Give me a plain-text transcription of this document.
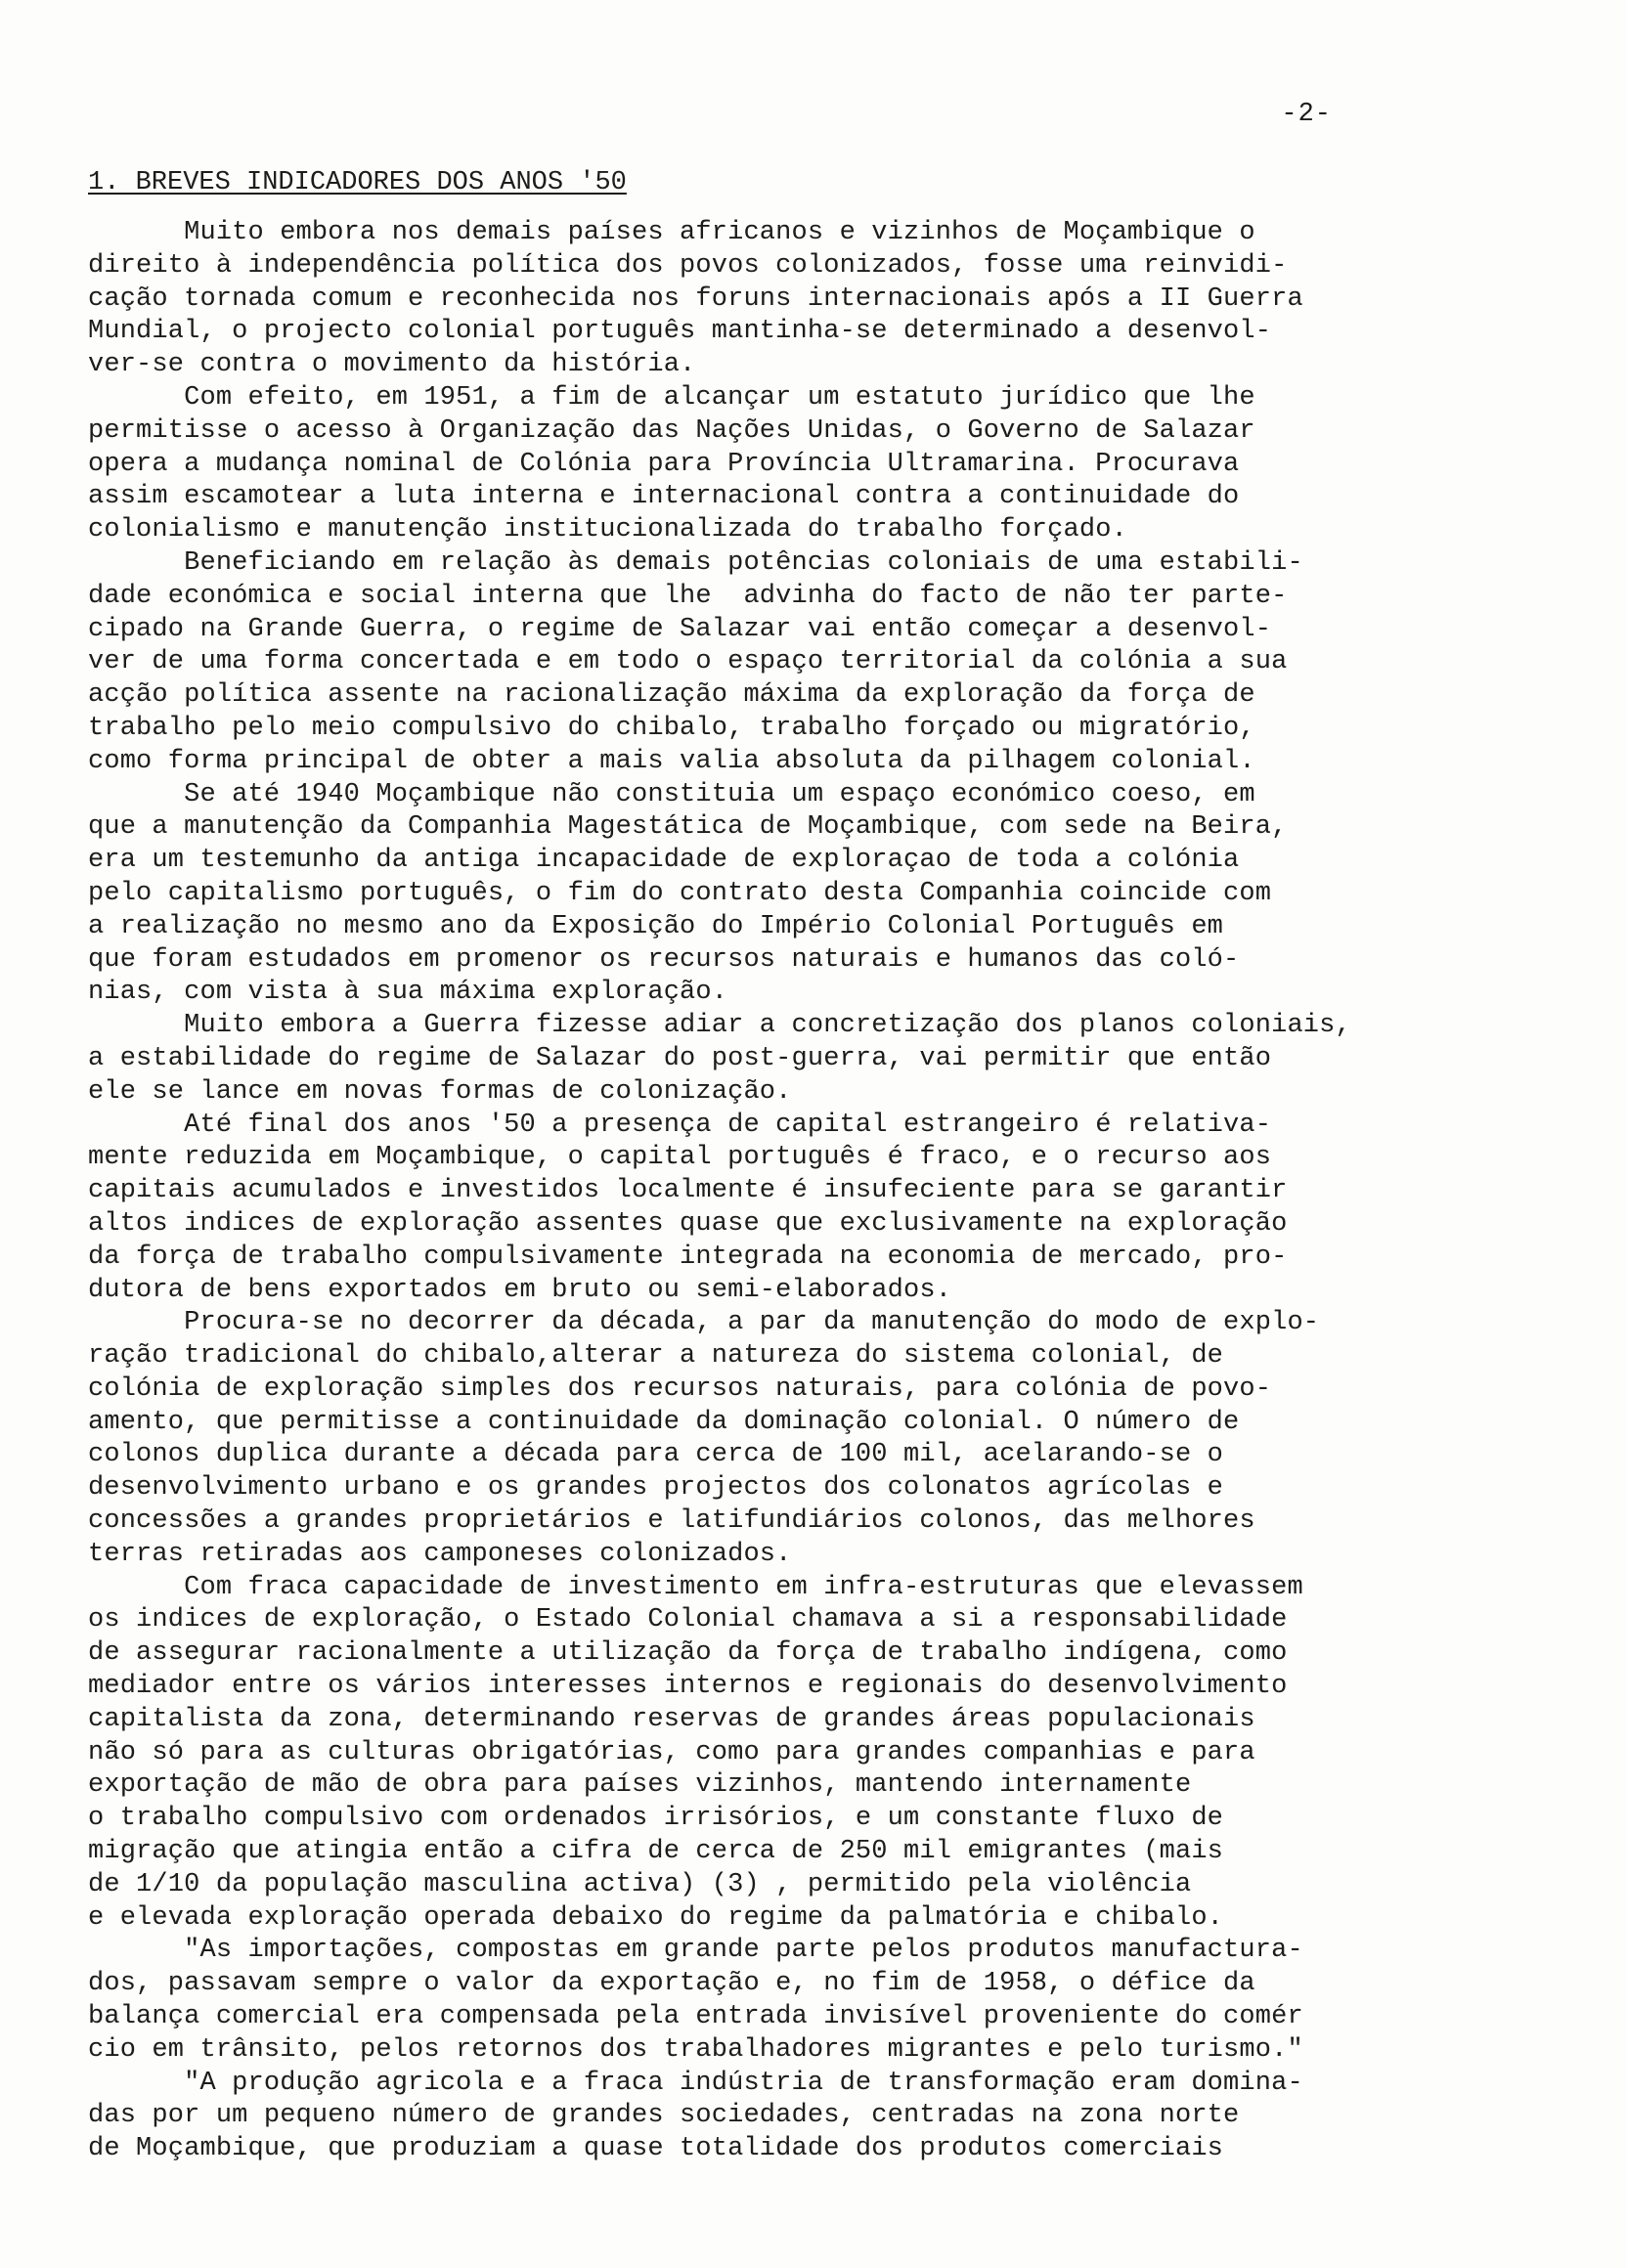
-2-
1. BREVES INDICADORES DOS ANOS '50
Muito embora nos demais países africanos e vizinhos de Moçambique o
direito à independência política dos povos colonizados, fosse uma reinvidi-
cação tornada comum e reconhecida nos foruns internacionais após a II Guerra
Mundial, o projecto colonial português mantinha-se determinado a desenvol-
ver-se contra o movimento da história.
Com efeito, em 1951, a fim de alcançar um estatuto jurídico que lhe
permitisse o acesso à Organização das Nações Unidas, o Governo de Salazar
opera a mudança nominal de Colónia para Província Ultramarina. Procurava
assim escamotear a luta interna e internacional contra a continuidade do
colonialismo e manutenção institucionalizada do trabalho forçado.
Beneficiando em relação às demais potências coloniais de uma estabili-
dade económica e social interna que lhe  advinha do facto de não ter parte-
cipado na Grande Guerra, o regime de Salazar vai então começar a desenvol-
ver de uma forma concertada e em todo o espaço territorial da colónia a sua
acção política assente na racionalização máxima da exploração da força de
trabalho pelo meio compulsivo do chibalo, trabalho forçado ou migratório,
como forma principal de obter a mais valia absoluta da pilhagem colonial.
Se até 1940 Moçambique não constituia um espaço económico coeso, em
que a manutenção da Companhia Magestática de Moçambique, com sede na Beira,
era um testemunho da antiga incapacidade de exploraçao de toda a colónia
pelo capitalismo português, o fim do contrato desta Companhia coincide com
a realização no mesmo ano da Exposição do Império Colonial Português em
que foram estudados em promenor os recursos naturais e humanos das coló-
nias, com vista à sua máxima exploração.
Muito embora a Guerra fizesse adiar a concretização dos planos coloniais,
a estabilidade do regime de Salazar do post-guerra, vai permitir que então
ele se lance em novas formas de colonização.
Até final dos anos '50 a presença de capital estrangeiro é relativa-
mente reduzida em Moçambique, o capital português é fraco, e o recurso aos
capitais acumulados e investidos localmente é insufeciente para se garantir
altos indices de exploração assentes quase que exclusivamente na exploração
da força de trabalho compulsivamente integrada na economia de mercado, pro-
dutora de bens exportados em bruto ou semi-elaborados.
Procura-se no decorrer da década, a par da manutenção do modo de explo-
ração tradicional do chibalo,alterar a natureza do sistema colonial, de
colónia de exploração simples dos recursos naturais, para colónia de povo-
amento, que permitisse a continuidade da dominação colonial. O número de
colonos duplica durante a década para cerca de 100 mil, acelarando-se o
desenvolvimento urbano e os grandes projectos dos colonatos agrícolas e
concessões a grandes proprietários e latifundiários colonos, das melhores
terras retiradas aos camponeses colonizados.
Com fraca capacidade de investimento em infra-estruturas que elevassem
os indices de exploração, o Estado Colonial chamava a si a responsabilidade
de assegurar racionalmente a utilização da força de trabalho indígena, como
mediador entre os vários interesses internos e regionais do desenvolvimento
capitalista da zona, determinando reservas de grandes áreas populacionais
não só para as culturas obrigatórias, como para grandes companhias e para
exportação de mão de obra para países vizinhos, mantendo internamente
o trabalho compulsivo com ordenados irrisórios, e um constante fluxo de
migração que atingia então a cifra de cerca de 250 mil emigrantes (mais
de 1/10 da população masculina activa) (3) , permitido pela violência
e elevada exploração operada debaixo do regime da palmatória e chibalo.
"As importações, compostas em grande parte pelos produtos manufactura-
dos, passavam sempre o valor da exportação e, no fim de 1958, o défice da
balança comercial era compensada pela entrada invisível proveniente do comér
cio em trânsito, pelos retornos dos trabalhadores migrantes e pelo turismo."
"A produção agricola e a fraca indústria de transformação eram domina-
das por um pequeno número de grandes sociedades, centradas na zona norte
de Moçambique, que produziam a quase totalidade dos produtos comerciais
